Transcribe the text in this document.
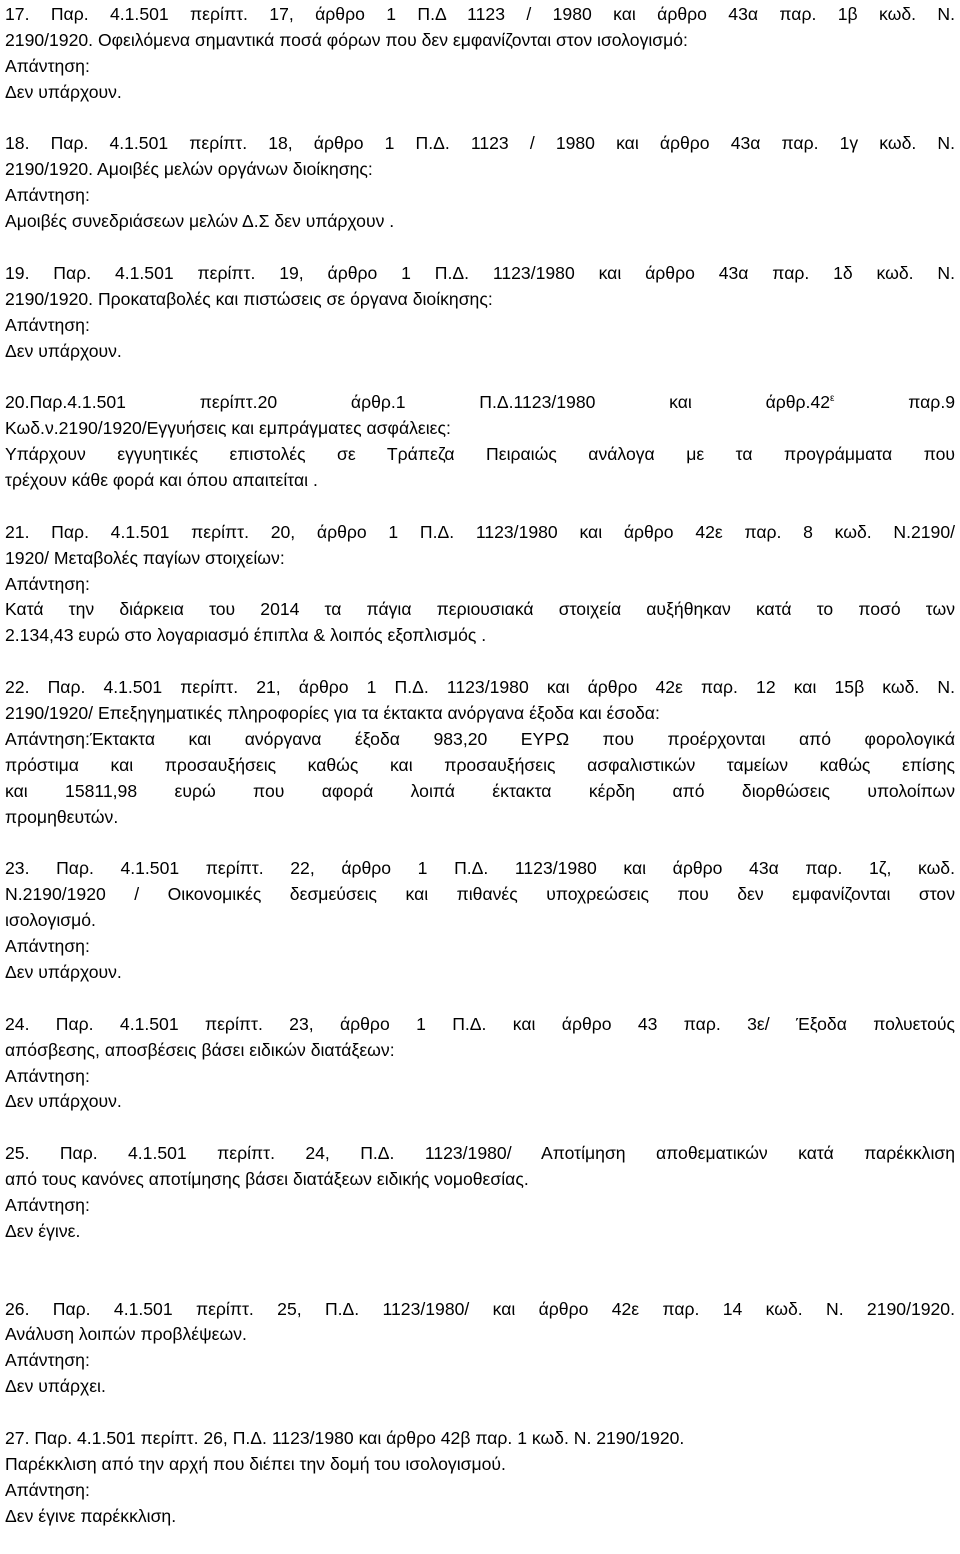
17. Παρ. 4.1.501 περίπτ. 17, άρθρο 1 Π.Δ 1123 / 1980 και άρθρο 43α παρ. 1β κωδ. Ν.
2190/1920. Οφειλόμενα σημαντικά ποσά φόρων που δεν εμφανίζονται στον ισολογισμό:
Απάντηση:
Δεν υπάρχουν.
18. Παρ. 4.1.501 περίπτ. 18, άρθρο 1 Π.Δ. 1123 / 1980 και άρθρο 43α παρ. 1γ κωδ. Ν.
2190/1920. Αμοιβές μελών οργάνων διοίκησης:
Απάντηση:
Αμοιβές συνεδριάσεων μελών Δ.Σ δεν υπάρχουν .
19. Παρ. 4.1.501 περίπτ. 19, άρθρο 1 Π.Δ. 1123/1980 και άρθρο 43α παρ. 1δ κωδ. Ν.
2190/1920. Προκαταβολές και πιστώσεις σε όργανα διοίκησης:
Απάντηση:
Δεν υπάρχουν.
20.Παρ.4.1.501 περίπτ.20 άρθρ.1 Π.Δ.1123/1980 και $ά\rho\theta\rho.42^\varepsilon$ παρ.9
Κωδ.ν.2190/1920/Εγγυήσεις και εμπράγματες ασφάλειες:
Υπάρχουν εγγυητικές επιστολές σε Τράπεζα Πειραιώς ανάλογα με τα προγράμματα που
τρέχουν κάθε φορά και όπου απαιτείται .
21. Παρ. 4.1.501 περίπτ. 20, άρθρο 1 Π.Δ. 1123/1980 και άρθρο 42ε παρ. 8 κωδ. Ν.2190/
1920/ Μεταβολές παγίων στοιχείων:
Απάντηση:
Κατά την διάρκεια του 2014 τα πάγια περιουσιακά στοιχεία αυξήθηκαν κατά το ποσό των
2.134,43 ευρώ στο λογαριασμό έπιπλα & λοιπός εξοπλισμός .
22. Παρ. 4.1.501 περίπτ. 21, άρθρο 1 Π.Δ. 1123/1980 και άρθρο 42ε παρ. 12 και 15β κωδ. Ν.
2190/1920/ Επεξηγηματικές πληροφορίες για τα έκτακτα ανόργανα έξοδα και έσοδα:
Απάντηση:Έκτακτα και ανόργανα έξοδα 983,20 ΕΥΡΩ που προέρχονται από φορολογικά
πρόστιμα και προσαυξήσεις καθώς και προσαυξήσεις ασφαλιστικών ταμείων καθώς επίσης
και 15811,98 ευρώ που αφορά λοιπά έκτακτα κέρδη από διορθώσεις υπολοίπων
προμηθευτών.
23. Παρ. 4.1.501 περίπτ. 22, άρθρο 1 Π.Δ. 1123/1980 και άρθρο 43α παρ. 1ζ, κωδ.
Ν.2190/1920 / Οικονομικές δεσμεύσεις και πιθανές υποχρεώσεις που δεν εμφανίζονται στον
ισολογισμό.
Απάντηση:
Δεν υπάρχουν.
24. Παρ. 4.1.501 περίπτ. 23, άρθρο 1 Π.Δ. και άρθρο 43 παρ. 3ε/ Έξοδα πολυετούς
απόσβεσης, αποσβέσεις βάσει ειδικών διατάξεων:
Απάντηση:
Δεν υπάρχουν.
25. Παρ. 4.1.501 περίπτ. 24, Π.Δ. 1123/1980/ Αποτίμηση αποθεματικών κατά παρέκκλιση
από τους κανόνες αποτίμησης βάσει διατάξεων ειδικής νομοθεσίας.
Απάντηση:
Δεν έγινε.
26. Παρ. 4.1.501 περίπτ. 25, Π.Δ. 1123/1980/ και άρθρο 42ε παρ. 14 κωδ. Ν. 2190/1920.
Ανάλυση λοιπών προβλέψεων.
Απάντηση:
Δεν υπάρχει.
27. Παρ. 4.1.501 περίπτ. 26, Π.Δ. 1123/1980 και άρθρο 42β παρ. 1 κωδ. Ν. 2190/1920.
Παρέκκλιση από την αρχή που διέπει την δομή του ισολογισμού.
Απάντηση:
Δεν έγινε παρέκκλιση.
